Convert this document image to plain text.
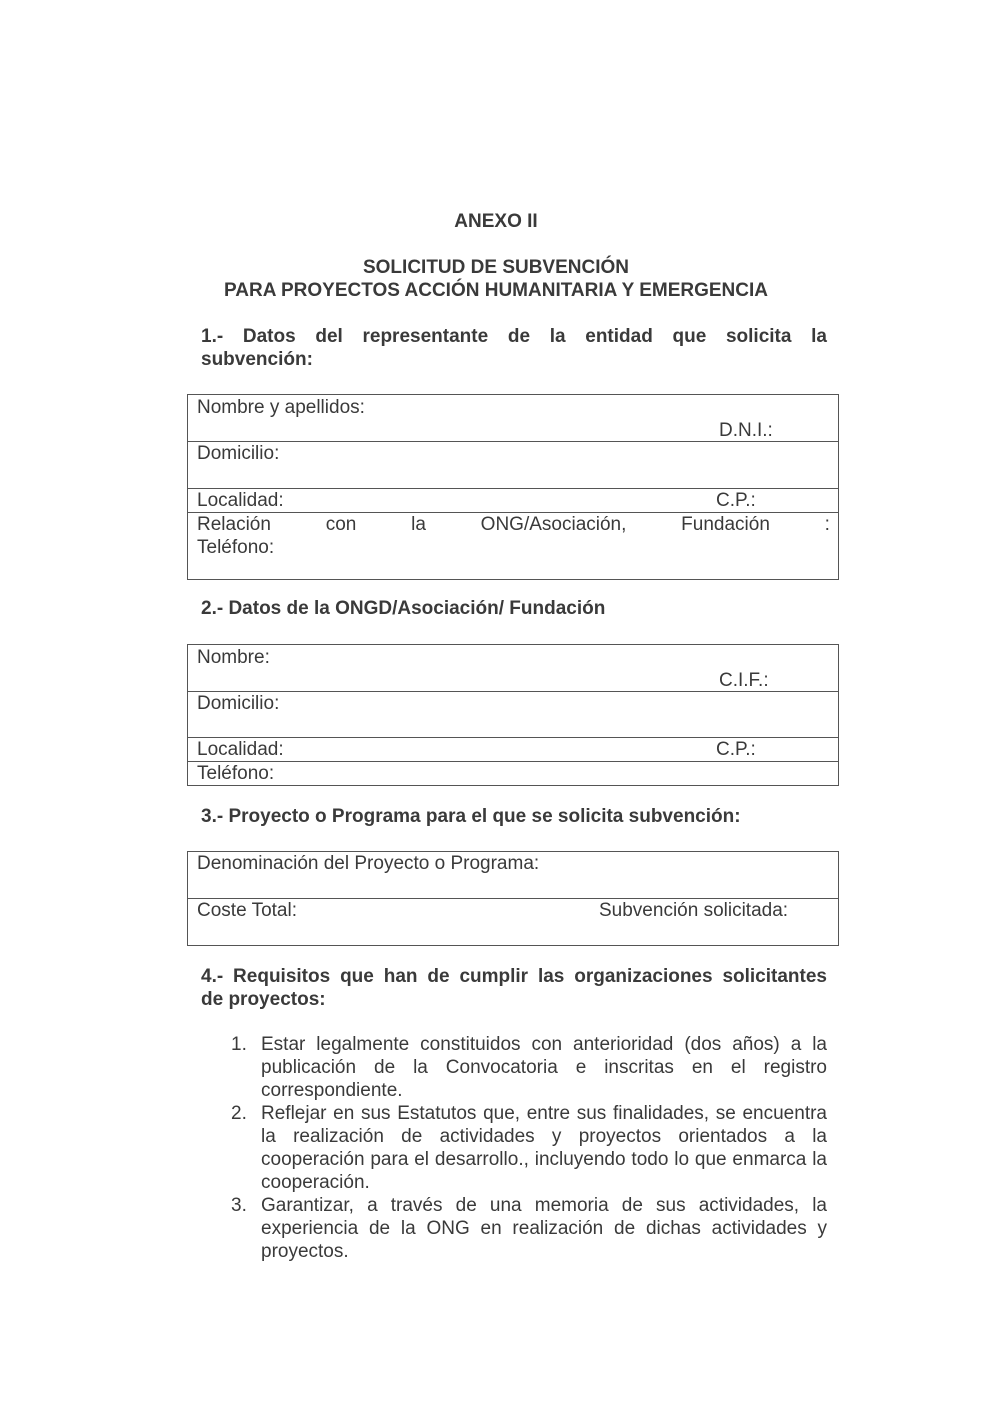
ANEXO II
SOLICITUD DE SUBVENCIÓN
PARA PROYECTOS ACCIÓN HUMANITARIA Y EMERGENCIA
1.- Datos del representante de la entidad que solicita la
subvención:
Nombre y apellidos:
D.N.I.:
Domicilio:
Localidad:	C.P.:
Relación	con	la	ONG/Asociación,	Fundación	:
Teléfono:
2.- Datos de la ONGD/Asociación/ Fundación
Nombre:
C.I.F.:
Domicilio:
Localidad:	C.P.:
Teléfono:
3.- Proyecto o Programa para el que se solicita subvención:
Denominación del Proyecto o Programa:
Coste Total:	Subvención solicitada:
4.- Requisitos que han de cumplir las organizaciones solicitantes
de proyectos:
1. Estar legalmente constituidos con anterioridad (dos años) a la publicación de la Convocatoria e inscritas en el registro correspondiente.
2. Reflejar en sus Estatutos que, entre sus finalidades, se encuentra la realización de actividades y proyectos orientados a la cooperación para el desarrollo., incluyendo todo lo que enmarca la cooperación.
3. Garantizar, a través de una memoria de sus actividades, la experiencia de la ONG en realización de dichas actividades y proyectos.
